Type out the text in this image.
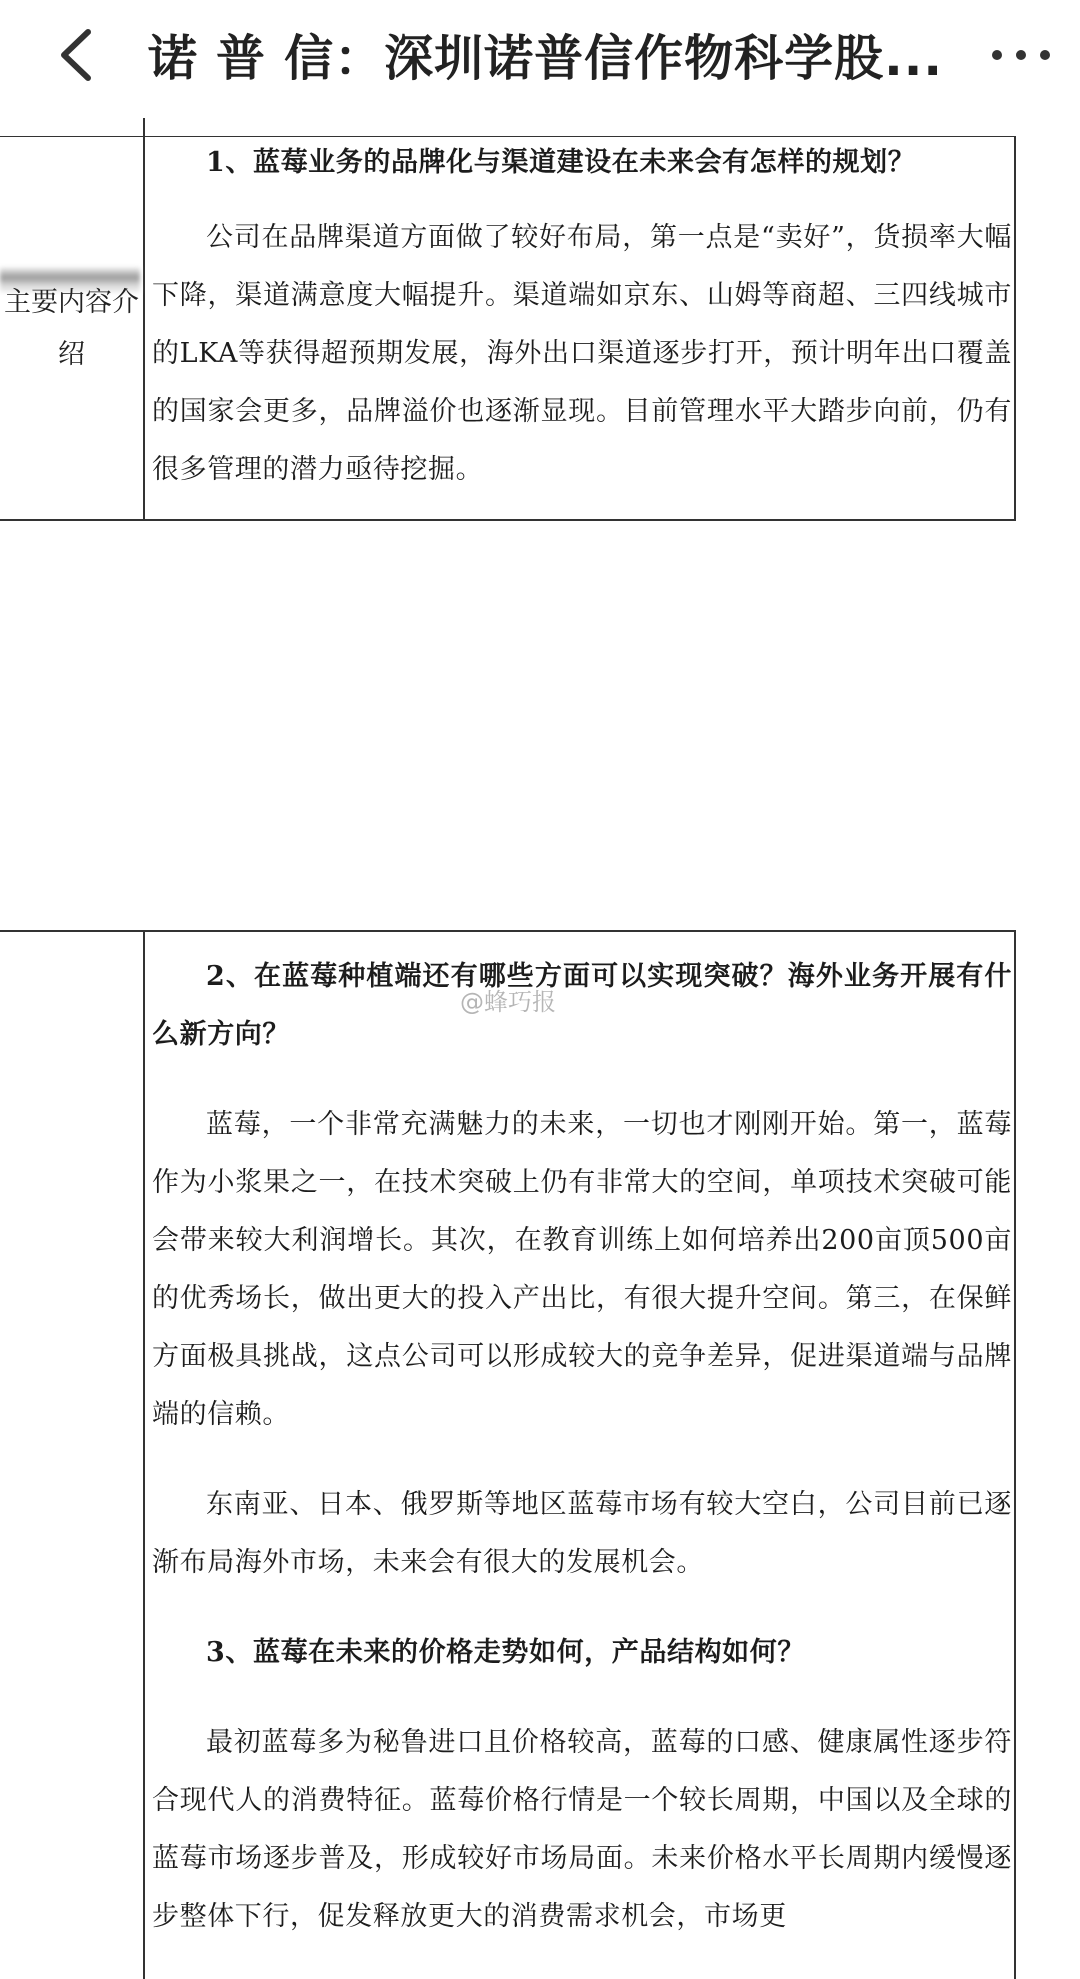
诺 普 信：深圳诺普信作物科学股...
主要内容介绍

1、蓝莓业务的品牌化与渠道建设在未来会有怎样的规划？

公司在品牌渠道方面做了较好布局，第一点是“卖好”，货损率大幅下降，渠道满意度大幅提升。渠道端如京东、山姆等商超、三四线城市的LKA等获得超预期发展，海外出口渠道逐步打开，预计明年出口覆盖的国家会更多，品牌溢价也逐渐显现。目前管理水平大踏步向前，仍有很多管理的潜力亟待挖掘。

2、在蓝莓种植端还有哪些方面可以实现突破？海外业务开展有什么新方向？

蓝莓，一个非常充满魅力的未来，一切也才刚刚开始。第一，蓝莓作为小浆果之一，在技术突破上仍有非常大的空间，单项技术突破可能会带来较大利润增长。其次，在教育训练上如何培养出200亩顶500亩的优秀场长，做出更大的投入产出比，有很大提升空间。第三，在保鲜方面极具挑战，这点公司可以形成较大的竞争差异，促进渠道端与品牌端的信赖。

东南亚、日本、俄罗斯等地区蓝莓市场有较大空白，公司目前已逐渐布局海外市场，未来会有很大的发展机会。

3、蓝莓在未来的价格走势如何，产品结构如何？

最初蓝莓多为秘鲁进口且价格较高，蓝莓的口感、健康属性逐步符合现代人的消费特征。蓝莓价格行情是一个较长周期，中国以及全球的蓝莓市场逐步普及，形成较好市场局面。未来价格水平长周期内缓慢逐步整体下行，促发释放更大的消费需求机会，市场更

@蜂巧报
